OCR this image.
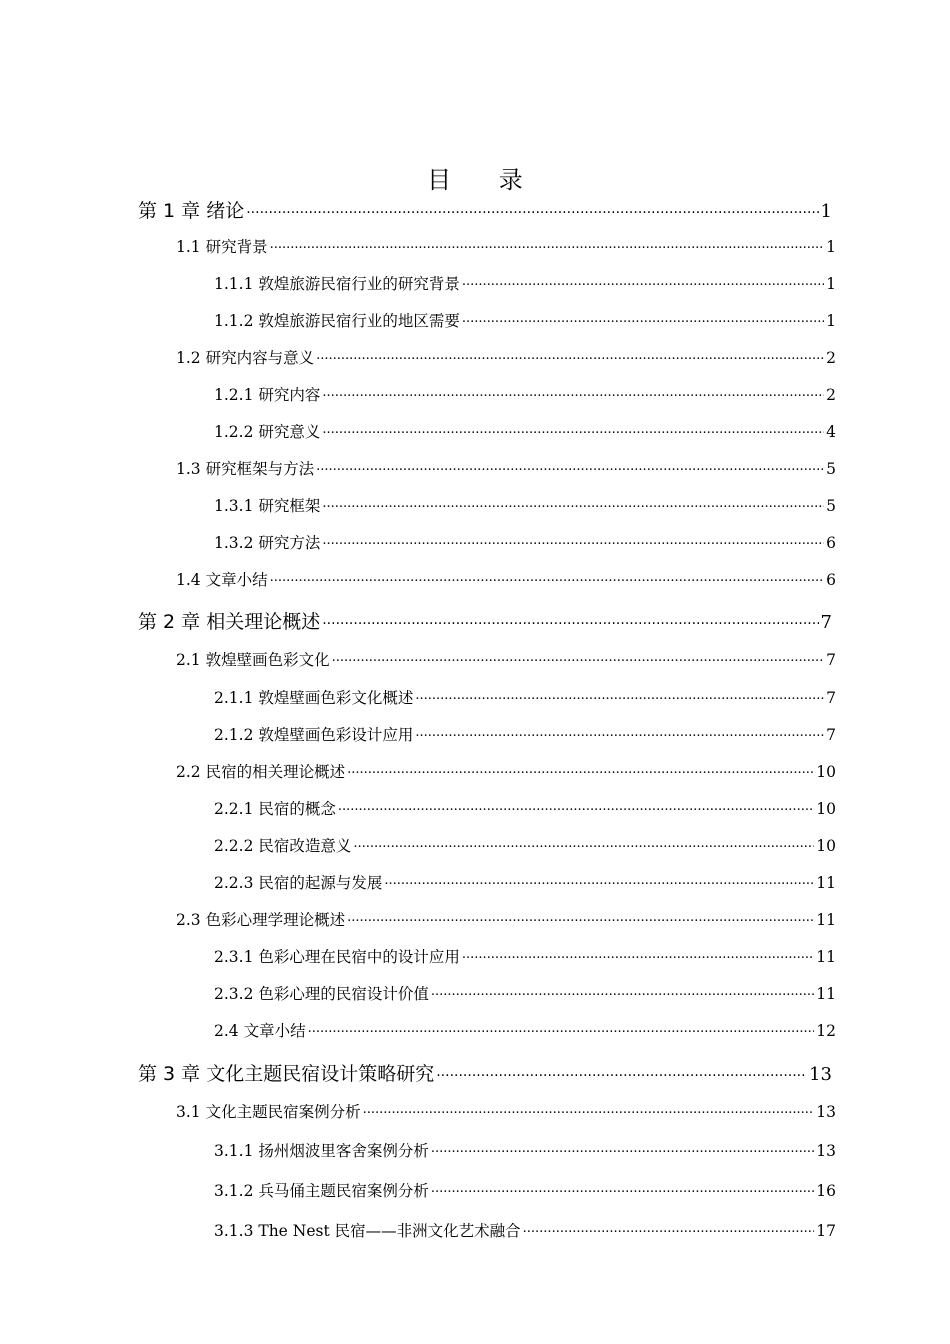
目 录
第 1 章 绪论 .....	1
1.1 研究背景 .....	1
1.1.1 敦煌旅游民宿行业的研究背景 .....	1
1.1.2 敦煌旅游民宿行业的地区需要 .....	1
1.2 研究内容与意义 .....	2
1.2.1 研究内容 .....	2
1.2.2 研究意义 .....	4
1.3 研究框架与方法 .....	5
1.3.1 研究框架 .....	5
1.3.2 研究方法 .....	6
1.4 文章小结 .....	6
第 2 章 相关理论概述 .....	7
2.1 敦煌壁画色彩文化 .....	7
2.1.1 敦煌壁画色彩文化概述 .....	7
2.1.2 敦煌壁画色彩设计应用 .....	7
2.2 民宿的相关理论概述 .....	10
2.2.1 民宿的概念 .....	10
2.2.2 民宿改造意义 .....	10
2.2.3 民宿的起源与发展 .....	11
2.3 色彩心理学理论概述 .....	11
2.3.1 色彩心理在民宿中的设计应用 .....	11
2.3.2 色彩心理的民宿设计价值 .....	11
2.4 文章小结 .....	12
第 3 章 文化主题民宿设计策略研究 .....	13
3.1 文化主题民宿案例分析 .....	13
3.1.1 扬州烟波里客舍案例分析 .....	13
3.1.2 兵马俑主题民宿案例分析 .....	16
3.1.3 The Nest 民宿——非洲文化艺术融合 .....	17
